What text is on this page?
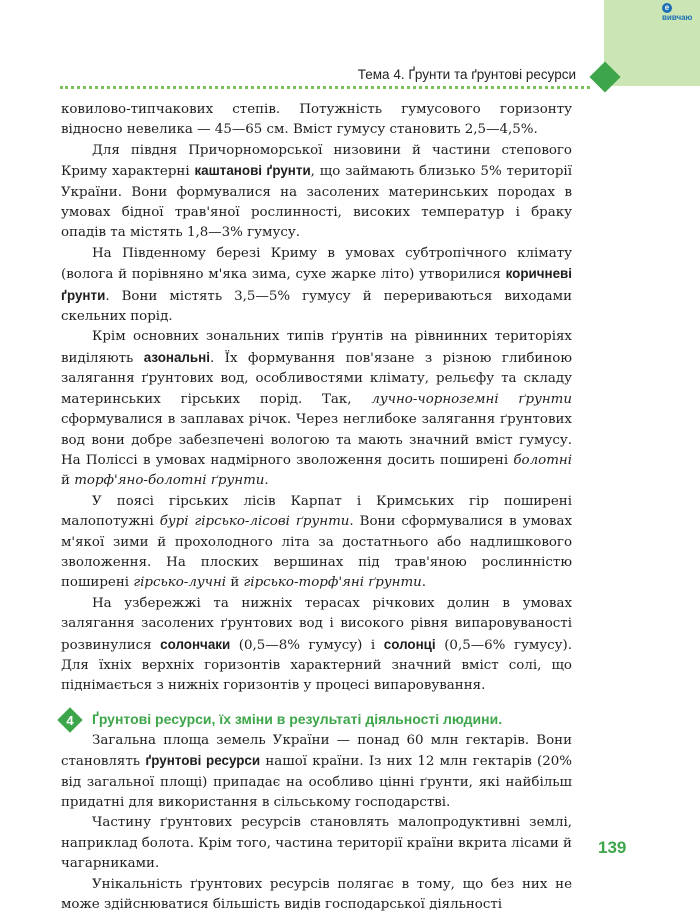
eвивчаю
Тема 4. Ґрунти та ґрунтові ресурси

ковилово-типчакових степів. Потужність гумусового горизонту відносно невелика — 45—65 см. Вміст гумусу становить 2,5—4,5%.

Для півдня Причорноморської низовини й частини степового Криму характерні каштанові ґрунти, що займають близько 5% території України. Вони формувалися на засолених материнських породах в умовах бідної трав'яної рослинності, високих температур і браку опадів та містять 1,8—3% гумусу.

На Південному березі Криму в умовах субтропічного клімату (волога й порівняно м'яка зима, сухе жарке літо) утворилися коричневі ґрунти. Вони містять 3,5—5% гумусу й перериваються виходами скельних порід.

Крім основних зональних типів ґрунтів на рівнинних територіях виділяють азональні. Їх формування пов'язане з різною глибиною залягання ґрунтових вод, особливостями клімату, рельєфу та складу материнських гірських порід. Так, лучно-чорноземні ґрунти сформувалися в заплавах річок. Через неглибоке залягання ґрунтових вод вони добре забезпечені вологою та мають значний вміст гумусу. На Поліссі в умовах надмірного зволоження досить поширені болотні й торф'яно-болотні ґрунти.

У поясі гірських лісів Карпат і Кримських гір поширені малопотужні бурі гірсько-лісові ґрунти. Вони сформувалися в умовах м'якої зими й прохолодного літа за достатнього або надлишкового зволоження. На плоских вершинах під трав'яною рослинністю поширені гірсько-лучні й гірсько-торф'яні ґрунти.

На узбережжі та нижніх терасах річкових долин в умовах залягання засолених ґрунтових вод і високого рівня випаровуваності розвинулися солончаки (0,5—8% гумусу) і солонці (0,5—6% гумусу). Для їхніх верхніх горизонтів характерний значний вміст солі, що піднімається з нижніх горизонтів у процесі випаровування.

4	Ґрунтові ресурси, їх зміни в результаті діяльності людини.

Загальна площа земель України — понад 60 млн гектарів. Вони становлять ґрунтові ресурси нашої країни. Із них 12 млн гектарів (20% від загальної площі) припадає на особливо цінні ґрунти, які найбільш придатні для використання в сільському господарстві.

Частину ґрунтових ресурсів становлять малопродуктивні землі, наприклад болота. Крім того, частина території країни вкрита лісами й чагарниками.

Унікальність ґрунтових ресурсів полягає в тому, що без них не може здійснюватися більшість видів господарської діяльності

139
